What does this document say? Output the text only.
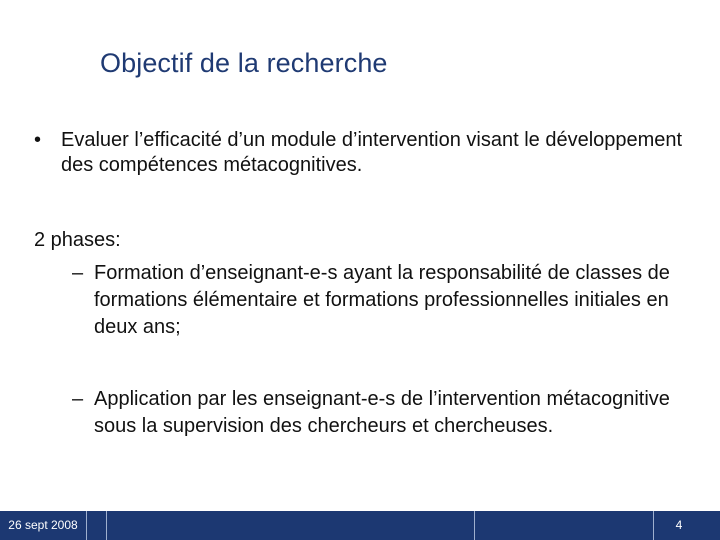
Objectif de la recherche
• Evaluer l’efficacité d’un module d’intervention visant le développement des compétences métacognitives.
2 phases:
– Formation d’enseignant-e-s ayant la responsabilité de classes de formations élémentaire et formations professionnelles initiales en deux ans;
– Application par les enseignant-e-s de l’intervention métacognitive sous la supervision des chercheurs et chercheuses.
26 sept 2008	4
